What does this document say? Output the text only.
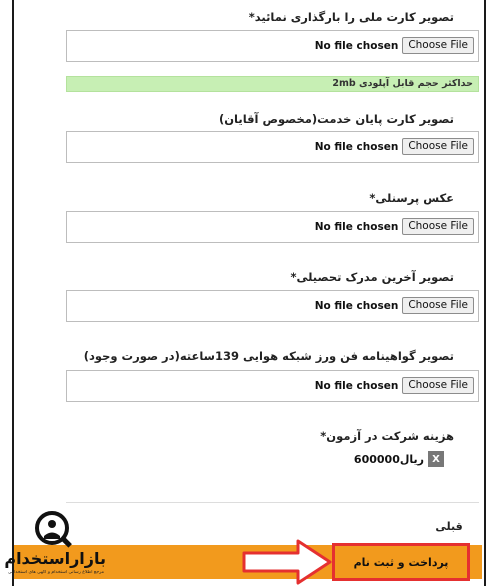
تصویر کارت ملی را بارگذاری نمائید*
No file chosen Choose File
حداکثر حجم قابل آپلودی 2mb
تصویر کارت پایان خدمت(مخصوص آقایان)
No file chosen Choose File
عکس پرسنلی*
No file chosen Choose File
تصویر آخرین مدرک تحصیلی*
No file chosen Choose File
تصویر گواهینامه فن ورز شبکه هوایی 139ساعته(در صورت وجود)
No file chosen Choose File
هزینه شرکت در آزمون*
600000ریال X
قبلی
پرداخت و ثبت نام
بازاراستخدام
مرجع اطلاع رسانی استخدام و آگهی های استخدامی
